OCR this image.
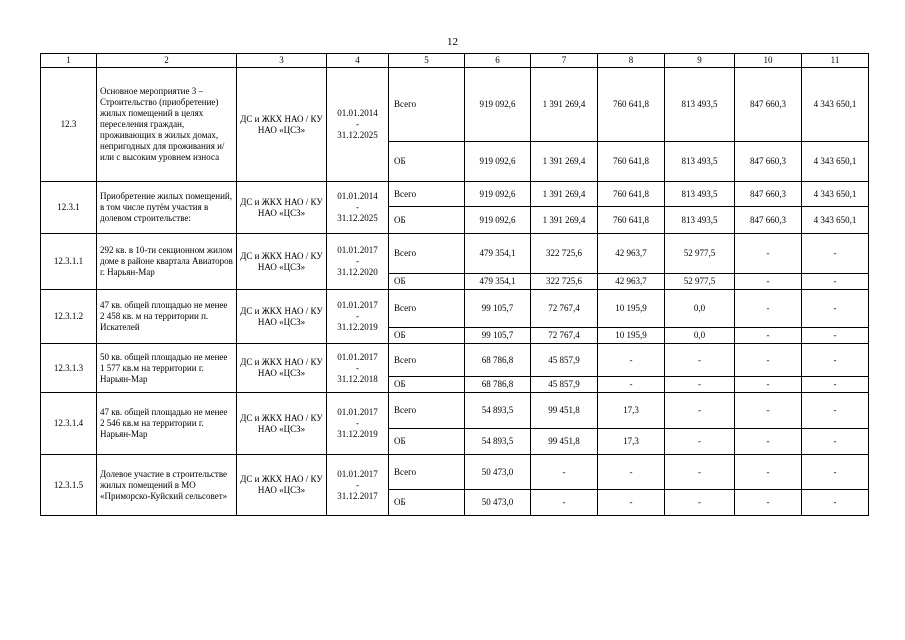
12
1	2	3	4	5	6	7	8	9	10	11
12.3	Основное мероприятие 3 – Строительство (приобретение) жилых помещений в целях переселения граждан, проживающих в жилых домах, непригодных для проживания и/или с высоким уровнем износа	ДС и ЖКХ НАО / КУ НАО «ЦСЗ»	01.01.2014
-
31.12.2025	Всего	919 092,6	1 391 269,4	760 641,8	813 493,5	847 660,3	4 343 650,1
				ОБ	919 092,6	1 391 269,4	760 641,8	813 493,5	847 660,3	4 343 650,1
12.3.1	Приобретение жилых помещений, в том числе путём участия в долевом строительстве:	ДС и ЖКХ НАО / КУ НАО «ЦСЗ»	01.01.2014
-
31.12.2025	Всего	919 092,6	1 391 269,4	760 641,8	813 493,5	847 660,3	4 343 650,1
				ОБ	919 092,6	1 391 269,4	760 641,8	813 493,5	847 660,3	4 343 650,1
12.3.1.1	292 кв. в 10-ти секционном жилом доме в районе квартала Авиаторов г. Нарьян-Мар	ДС и ЖКХ НАО / КУ НАО «ЦСЗ»	01.01.2017
-
31.12.2020	Всего	479 354,1	322 725,6	42 963,7	52 977,5	-	-
				ОБ	479 354,1	322 725,6	42 963,7	52 977,5	-	-
12.3.1.2	47 кв. общей площадью не менее 2 458 кв. м на территории п. Искателей	ДС и ЖКХ НАО / КУ НАО «ЦСЗ»	01.01.2017
-
31.12.2019	Всего	99 105,7	72 767,4	10 195,9	0,0	-	-
				ОБ	99 105,7	72 767,4	10 195,9	0,0	-	-
12.3.1.3	50 кв. общей площадью не менее 1 577 кв.м на территории г. Нарьян-Мар	ДС и ЖКХ НАО / КУ НАО «ЦСЗ»	01.01.2017
-
31.12.2018	Всего	68 786,8	45 857,9	-	-	-	-
				ОБ	68 786,8	45 857,9	-	-	-	-
12.3.1.4	47 кв. общей площадью не менее 2 546 кв.м на территории г. Нарьян-Мар	ДС и ЖКХ НАО / КУ НАО «ЦСЗ»	01.01.2017
-
31.12.2019	Всего	54 893,5	99 451,8	17,3	-	-	-
				ОБ	54 893,5	99 451,8	17,3	-	-	-
12.3.1.5	Долевое участие в строительстве жилых помещений в МО «Приморско-Куйский сельсовет»	ДС и ЖКХ НАО / КУ НАО «ЦСЗ»	01.01.2017
-
31.12.2017	Всего	50 473,0	-	-	-	-	-
				ОБ	50 473,0	-	-	-	-	-
